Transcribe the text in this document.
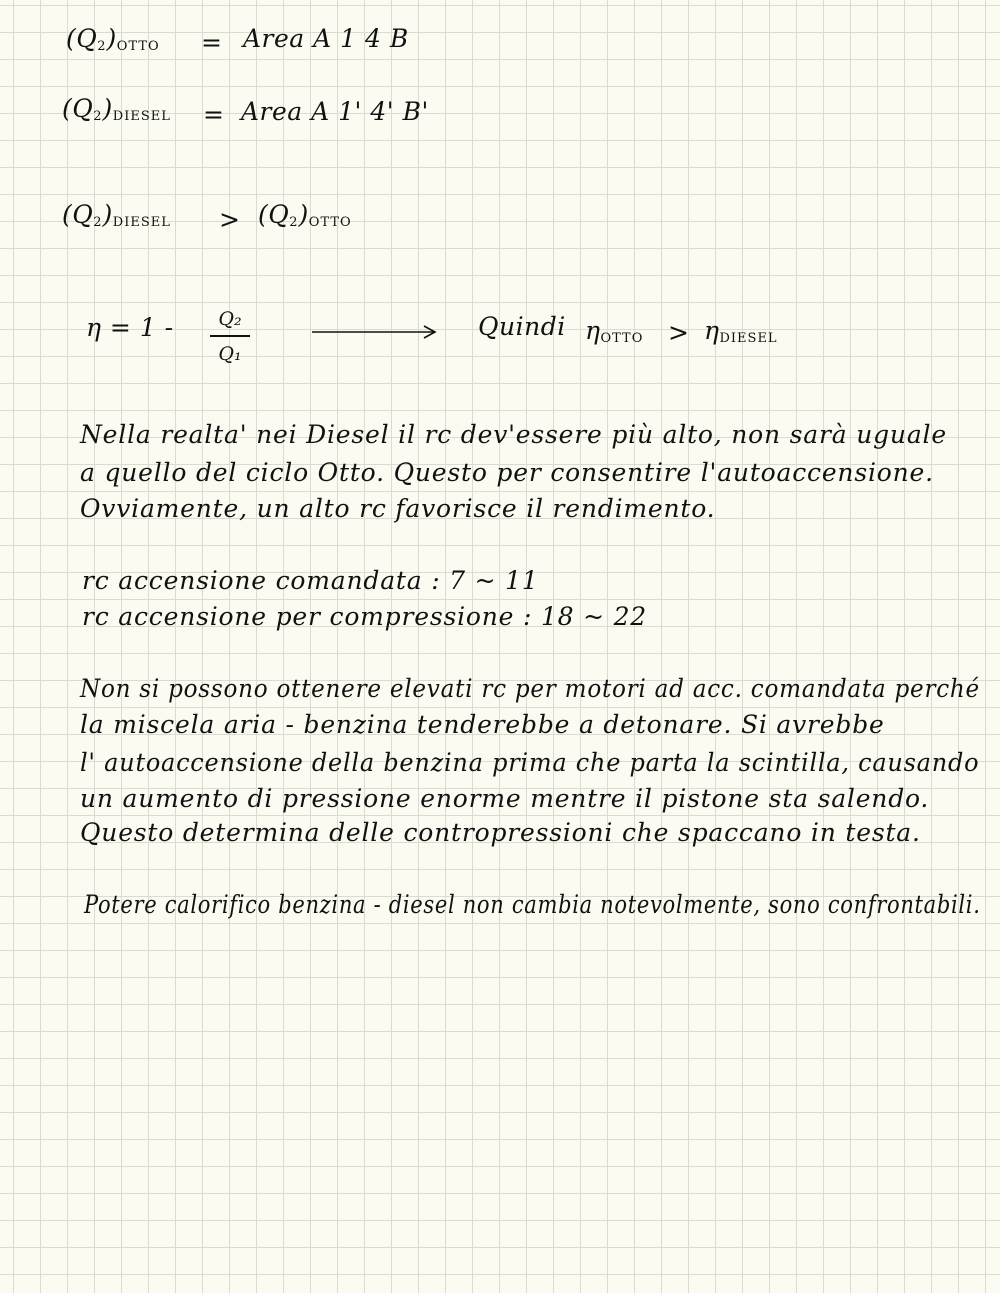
$(Q_2)_{OTTO}$ = Area A 1 4 B
$(Q_2)_{DIESEL}$ = Area A 1' 4' B'
$(Q_2)_{DIESEL} > (Q_2)_{OTTO}$
η = 1 -	Q₂
Q₁
Quindi $\eta_{OTTO} > \eta_{DIESEL}$
Nella realta' nei Diesel il rc dev'essere più alto, non sarà uguale
a quello del ciclo Otto. Questo per consentire l'autoaccensione.
Ovviamente, un alto rc favorisce il rendimento.
rc accensione comandata : 7 ~ 11
rc accensione per compressione : 18 ~ 22
Non si possono ottenere elevati rc per motori ad acc. comandata perché
la miscela aria - benzina tenderebbe a detonare. Si avrebbe
l' autoaccensione della benzina prima che parta la scintilla, causando
un aumento di pressione enorme mentre il pistone sta salendo.
Questo determina delle contropressioni che spaccano in testa.
Potere calorifico benzina - diesel non cambia notevolmente, sono confrontabili.
